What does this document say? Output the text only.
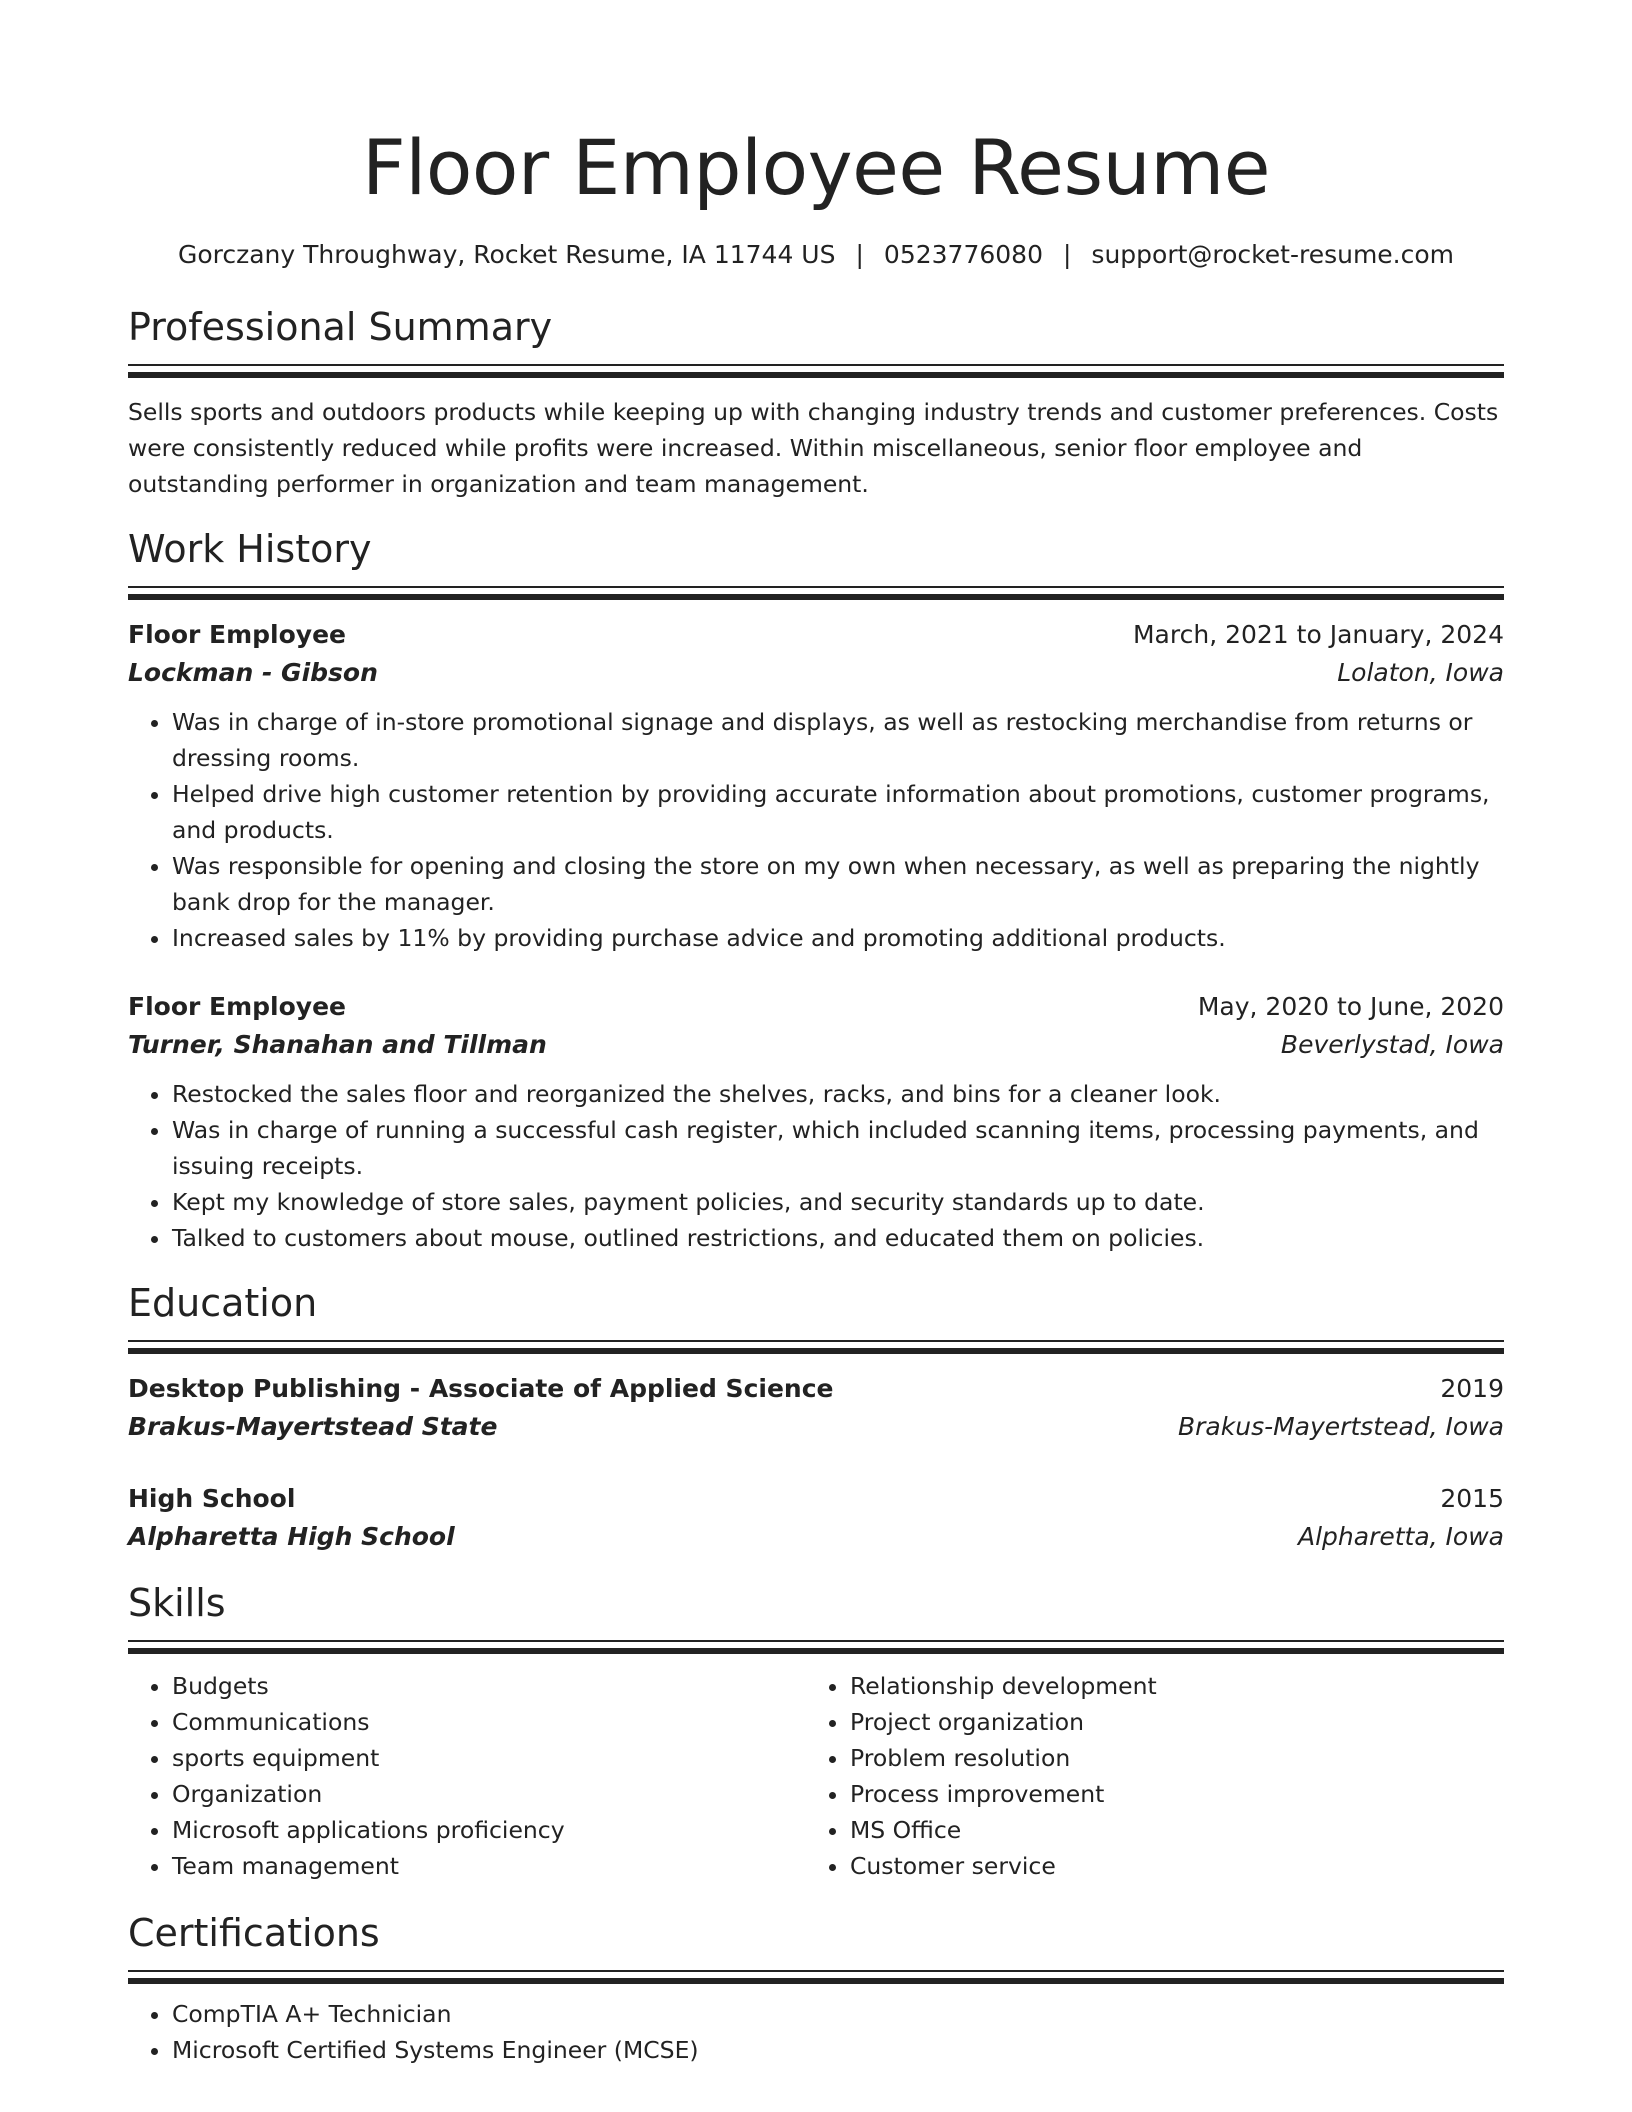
Floor Employee Resume
Gorczany Throughway, Rocket Resume, IA 11744 US | 0523776080 | support@rocket-resume.com
Professional Summary
Sells sports and outdoors products while keeping up with changing industry trends and customer preferences. Costs were consistently reduced while profits were increased. Within miscellaneous, senior floor employee and outstanding performer in organization and team management.
Work History
Floor Employee	March, 2021 to January, 2024
Lockman - Gibson	Lolaton, Iowa
• Was in charge of in-store promotional signage and displays, as well as restocking merchandise from returns or dressing rooms.
• Helped drive high customer retention by providing accurate information about promotions, customer programs, and products.
• Was responsible for opening and closing the store on my own when necessary, as well as preparing the nightly bank drop for the manager.
• Increased sales by 11% by providing purchase advice and promoting additional products.
Floor Employee	May, 2020 to June, 2020
Turner, Shanahan and Tillman	Beverlystad, Iowa
• Restocked the sales floor and reorganized the shelves, racks, and bins for a cleaner look.
• Was in charge of running a successful cash register, which included scanning items, processing payments, and issuing receipts.
• Kept my knowledge of store sales, payment policies, and security standards up to date.
• Talked to customers about mouse, outlined restrictions, and educated them on policies.
Education
Desktop Publishing - Associate of Applied Science	2019
Brakus-Mayertstead State	Brakus-Mayertstead, Iowa
High School	2015
Alpharetta High School	Alpharetta, Iowa
Skills
• Budgets
• Communications
• sports equipment
• Organization
• Microsoft applications proficiency
• Team management
• Relationship development
• Project organization
• Problem resolution
• Process improvement
• MS Office
• Customer service
Certifications
• CompTIA A+ Technician
• Microsoft Certified Systems Engineer (MCSE)
